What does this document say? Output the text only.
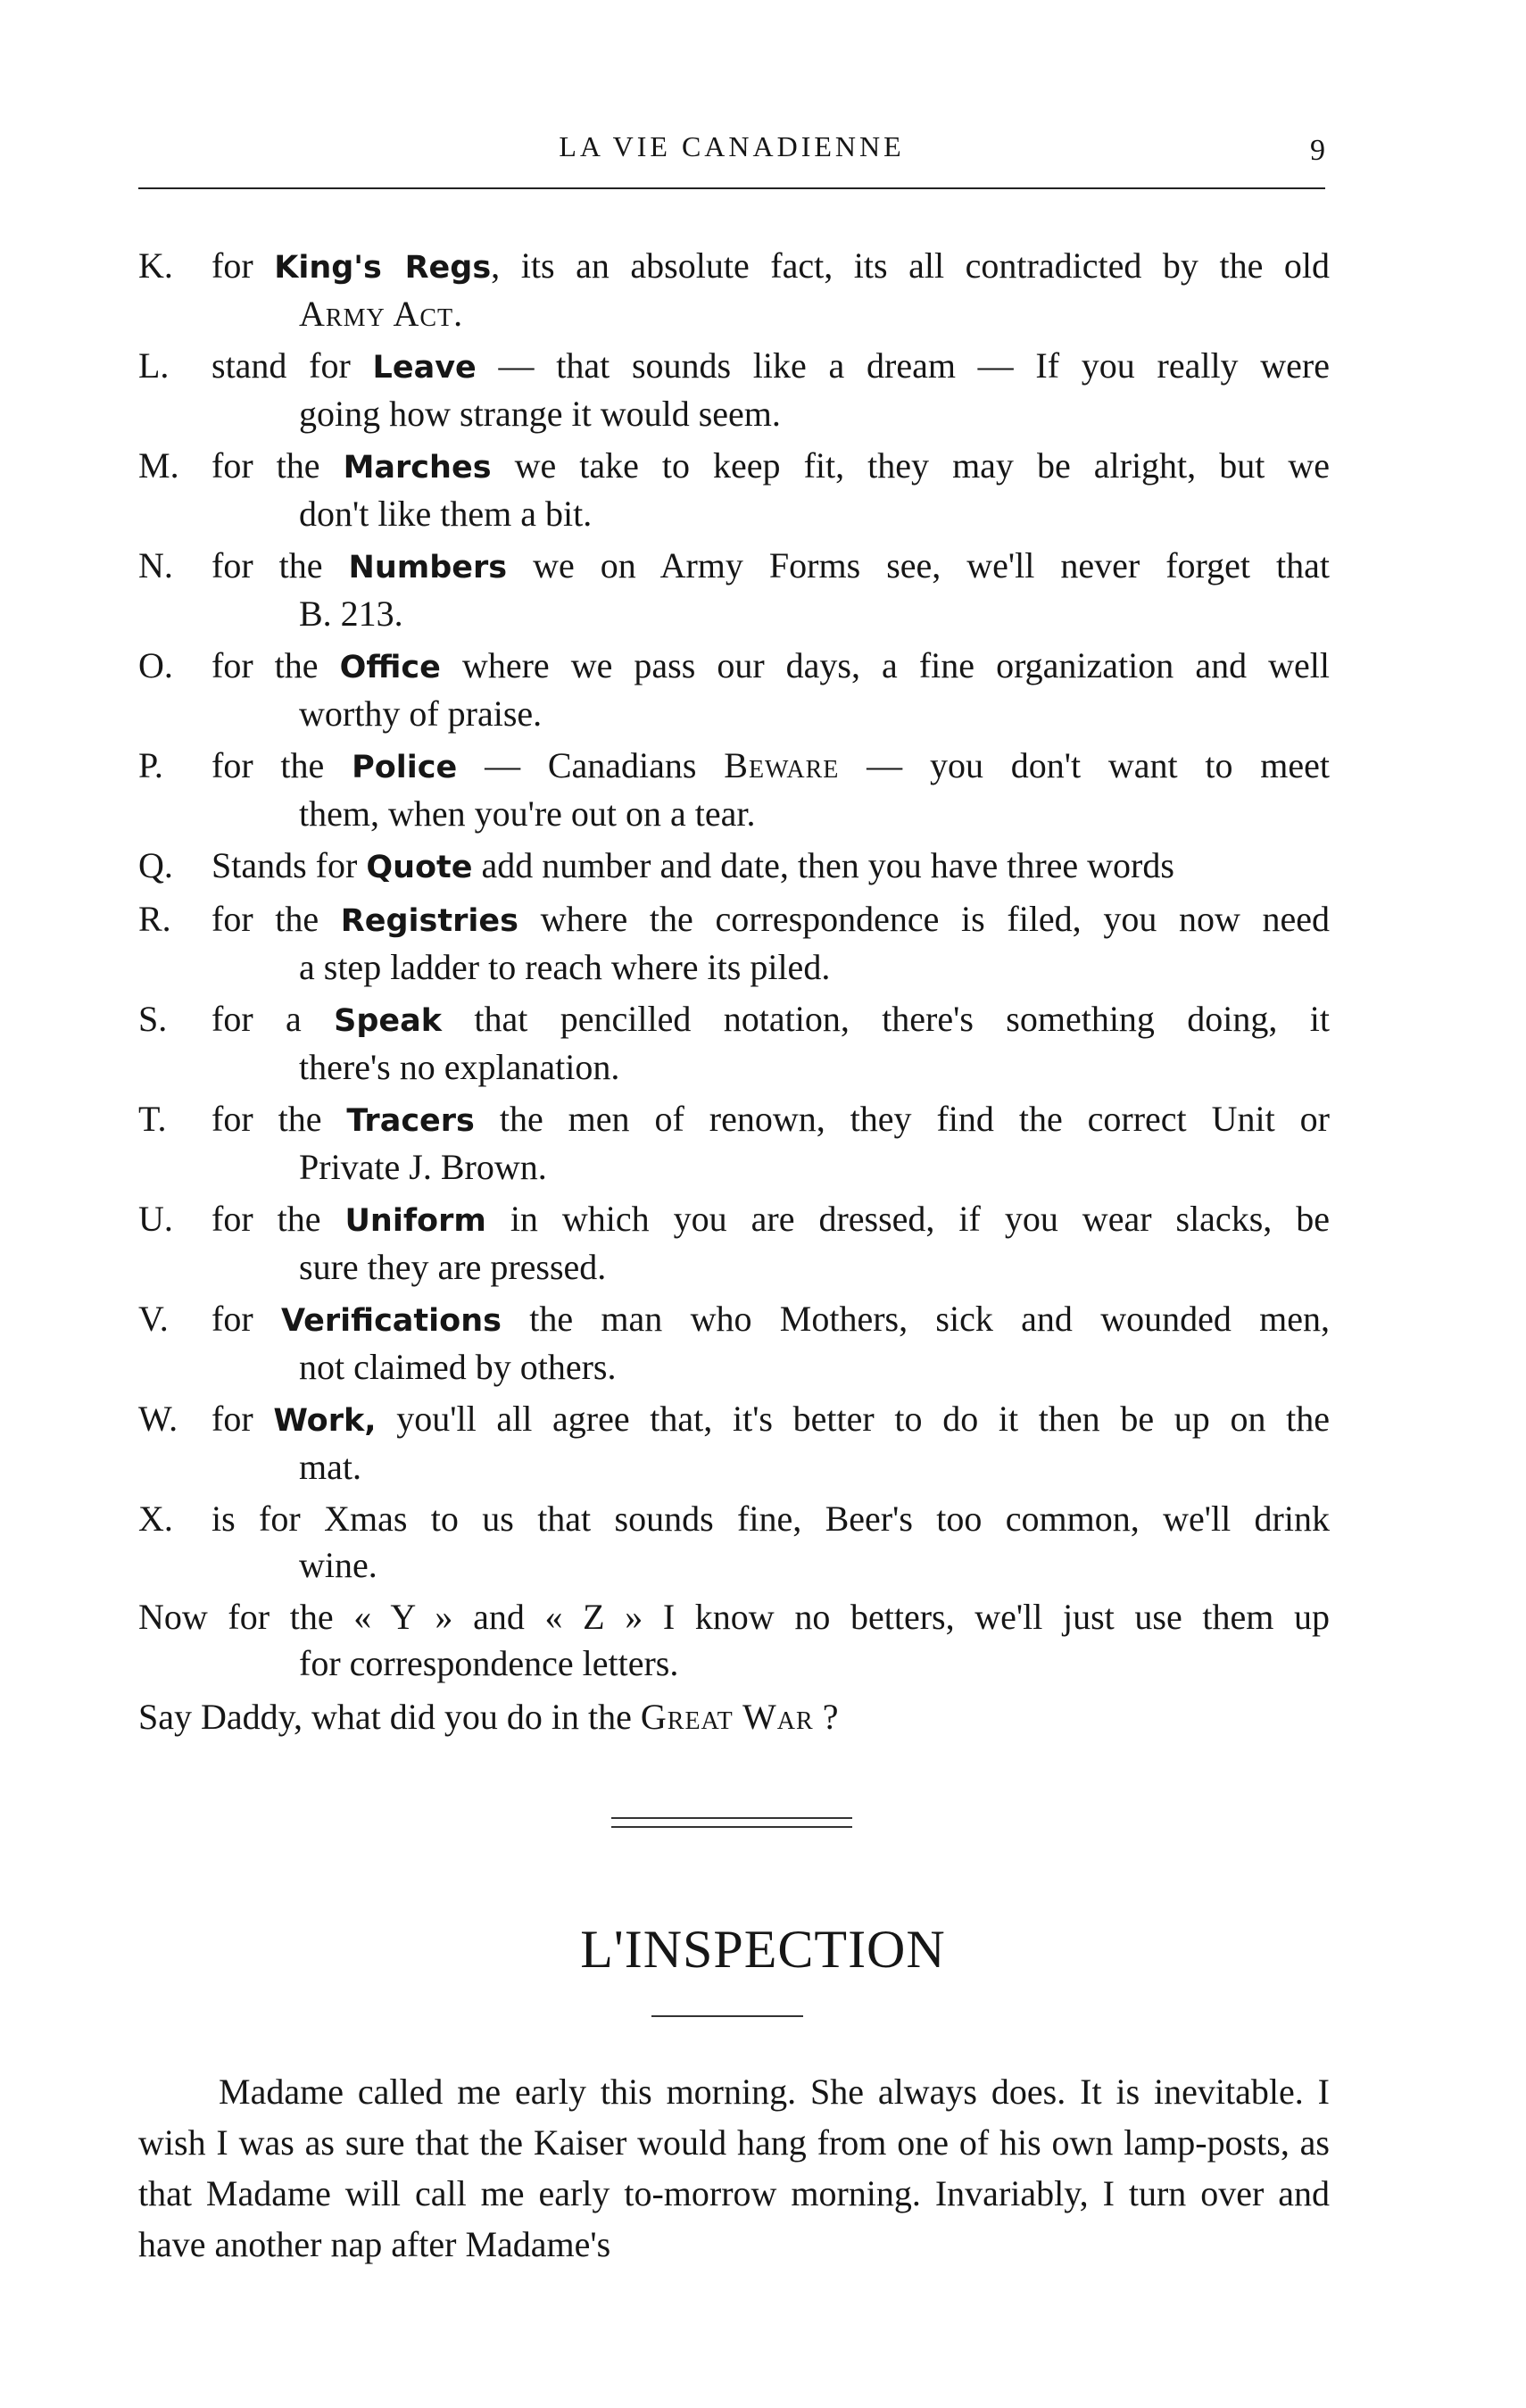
LA VIE CANADIENNE	9
K.	for King's Regs, its an absolute fact, its all contradicted by the old
Army Act.
L.	stand for Leave — that sounds like a dream — If you really were
going how strange it would seem.
M. for the Marches we take to keep fit, they may be alright, but we
don't like them a bit.
N.	for the Numbers we on Army Forms see, we'll never forget that
B. 213.
O.	for the Office where we pass our days, a fine organization and well
worthy of praise.
P.	for the Police — Canadians Beware — you don't want to meet
them, when you're out on a tear.
Q.	Stands for Quote add number and date, then you have three words
R.	for the Registries where the correspondence is filed, you now need
a step ladder to reach where its piled.
S.	for a Speak that pencilled notation, there's something doing, it
there's no explanation.
T.	for the Tracers the men of renown, they find the correct Unit or
Private J. Brown.
U.	for the Uniform in which you are dressed, if you wear slacks, be
sure they are pressed.
V.	for Verifications the man who Mothers, sick and wounded men,
not claimed by others.
W. for Work, you'll all agree that, it's better to do it then be up on the
mat.
X.	is for Xmas to us that sounds fine, Beer's too common, we'll drink
wine.
Now for the « Y » and « Z » I know no betters, we'll just use them up
for correspondence letters.
Say Daddy, what did you do in the Great War ?
L'INSPECTION
Madame called me early this morning. She always does. It is inevitable. I wish I was as sure that the Kaiser would hang from one of his own lamp-posts, as that Madame will call me early to-morrow morning. Invariably, I turn over and have another nap after Madame's
